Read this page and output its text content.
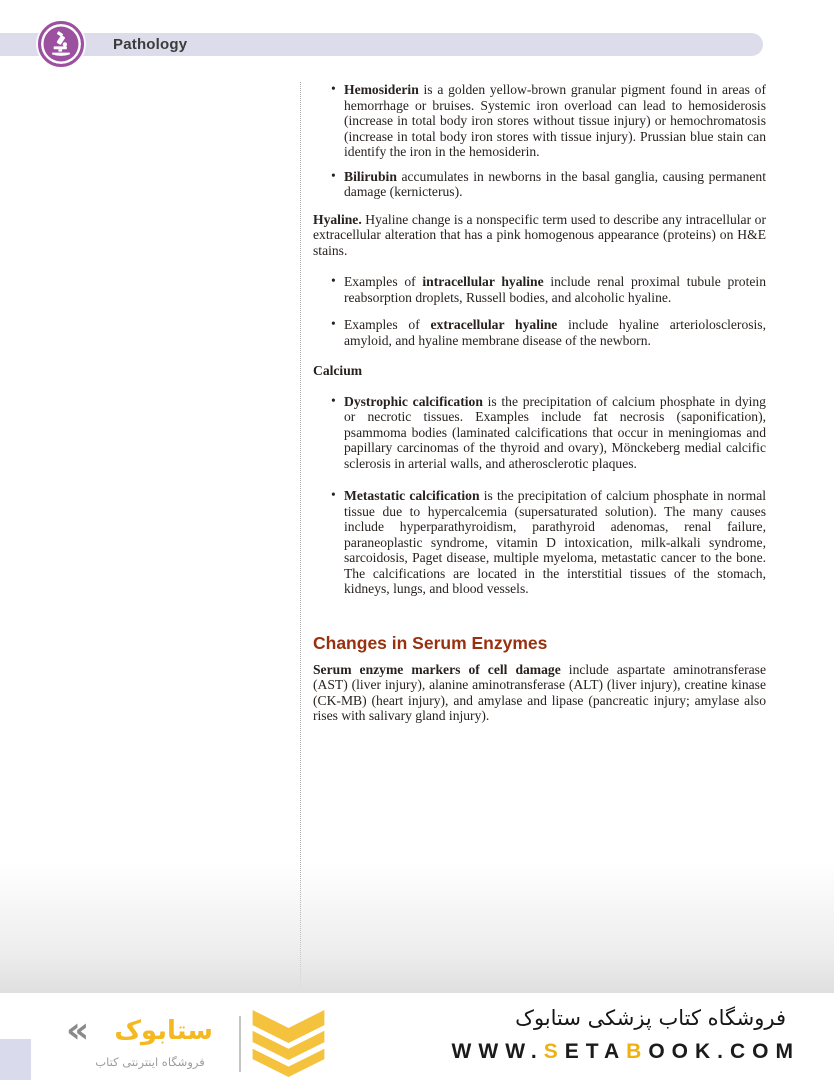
Pathology
• Hemosiderin is a golden yellow-brown granular pigment found in areas of hemorrhage or bruises. Systemic iron overload can lead to hemosiderosis (increase in total body iron stores without tissue injury) or hemochromatosis (increase in total body iron stores with tissue injury). Prussian blue stain can identify the iron in the hemosiderin.
• Bilirubin accumulates in newborns in the basal ganglia, causing permanent damage (kernicterus).
Hyaline. Hyaline change is a nonspecific term used to describe any intracellular or extracellular alteration that has a pink homogenous appearance (proteins) on H&E stains.
• Examples of intracellular hyaline include renal proximal tubule protein reabsorption droplets, Russell bodies, and alcoholic hyaline.
• Examples of extracellular hyaline include hyaline arteriolosclerosis, amyloid, and hyaline membrane disease of the newborn.
Calcium
• Dystrophic calcification is the precipitation of calcium phosphate in dying or necrotic tissues. Examples include fat necrosis (saponification), psammoma bodies (laminated calcifications that occur in meningiomas and papillary carcinomas of the thyroid and ovary), Mönckeberg medial calcific sclerosis in arterial walls, and atherosclerotic plaques.
• Metastatic calcification is the precipitation of calcium phosphate in normal tissue due to hypercalcemia (supersaturated solution). The many causes include hyperparathyroidism, parathyroid adenomas, renal failure, paraneoplastic syndrome, vitamin D intoxication, milk-alkali syndrome, sarcoidosis, Paget disease, multiple myeloma, metastatic cancer to the bone. The calcifications are located in the interstitial tissues of the stomach, kidneys, lungs, and blood vessels.
Changes in Serum Enzymes
Serum enzyme markers of cell damage include aspartate aminotransferase (AST) (liver injury), alanine aminotransferase (ALT) (liver injury), creatine kinase (CK-MB) (heart injury), and amylase and lipase (pancreatic injury; amylase also rises with salivary gland injury).
« ستابوک
فروشگاه اینترنتی کتاب
فروشگاه کتاب پزشکی ستابوک
WWW.SETABOOK.COM
